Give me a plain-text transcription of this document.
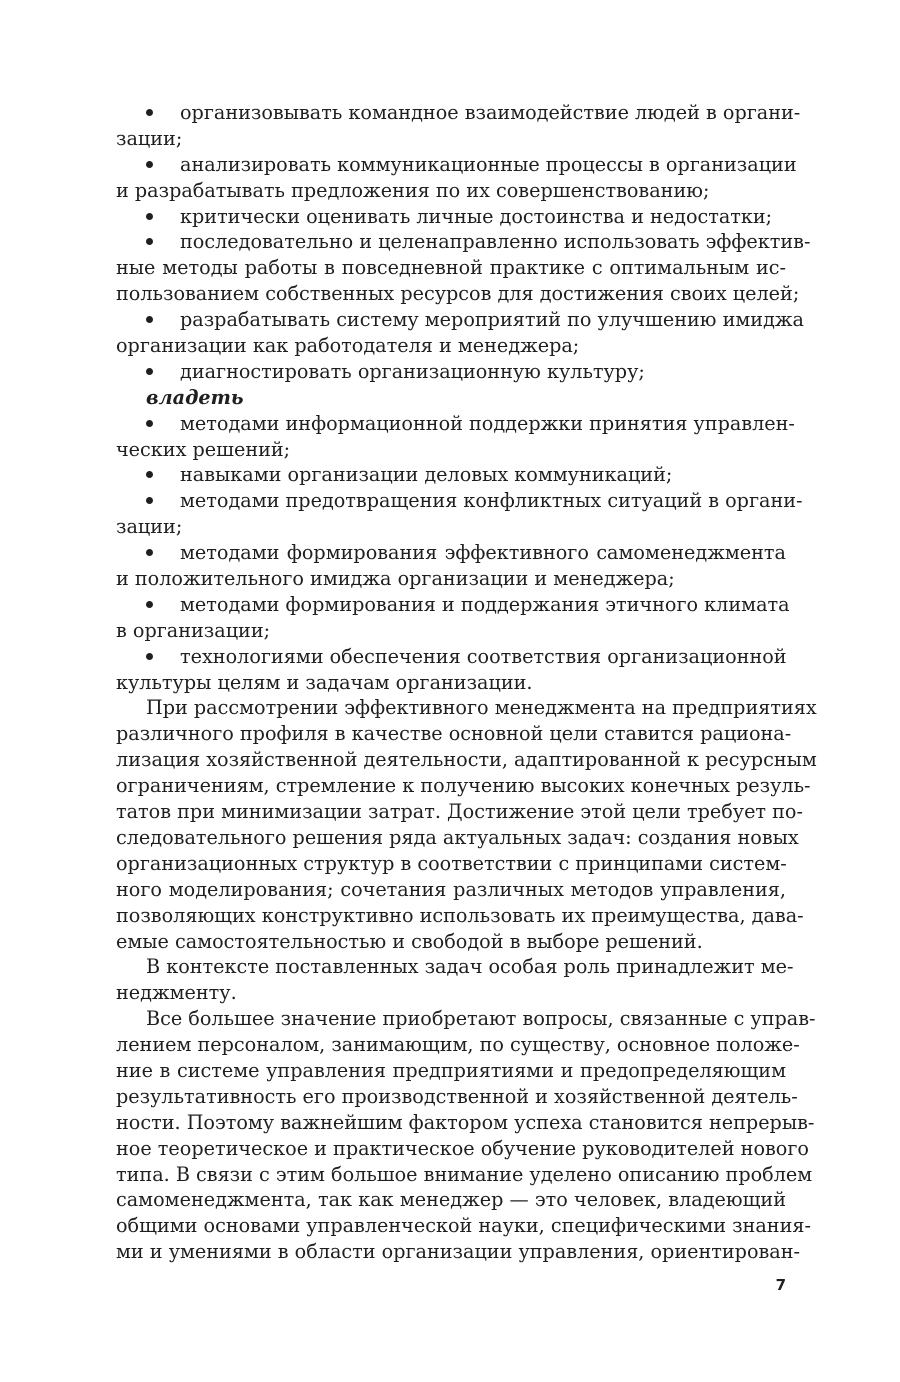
организовывать командное взаимодействие людей в органи-
зации;
анализировать коммуникационные процессы в организации
и разрабатывать предложения по их совершенствованию;
критически оценивать личные достоинства и недостатки;
последовательно и целенаправленно использовать эффектив-
ные методы работы в повседневной практике с оптимальным ис-
пользованием собственных ресурсов для достижения своих целей;
разрабатывать систему мероприятий по улучшению имиджа
организации как работодателя и менеджера;
диагностировать организационную культуру;
владеть
методами информационной поддержки принятия управлен-
ческих решений;
навыками организации деловых коммуникаций;
методами предотвращения конфликтных ситуаций в органи-
зации;
методами формирования эффективного самоменеджмента
и положительного имиджа организации и менеджера;
методами формирования и поддержания этичного климата
в организации;
технологиями обеспечения соответствия организационной
культуры целям и задачам организации.
При рассмотрении эффективного менеджмента на предприятиях
различного профиля в качестве основной цели ставится рациона-
лизация хозяйственной деятельности, адаптированной к ресурсным
ограничениям, стремление к получению высоких конечных резуль-
татов при минимизации затрат. Достижение этой цели требует по-
следовательного решения ряда актуальных задач: создания новых
организационных структур в соответствии с принципами систем-
ного моделирования; сочетания различных методов управления,
позволяющих конструктивно использовать их преимущества, дава-
емые самостоятельностью и свободой в выборе решений.
В контексте поставленных задач особая роль принадлежит ме-
неджменту.
Все большее значение приобретают вопросы, связанные с управ-
лением персоналом, занимающим, по существу, основное положе-
ние в системе управления предприятиями и предопределяющим
результативность его производственной и хозяйственной деятель-
ности. Поэтому важнейшим фактором успеха становится непрерыв-
ное теоретическое и практическое обучение руководителей нового
типа. В связи с этим большое внимание уделено описанию проблем
самоменеджмента, так как менеджер — это человек, владеющий
общими основами управленческой науки, специфическими знания-
ми и умениями в области организации управления, ориентирован-
7
